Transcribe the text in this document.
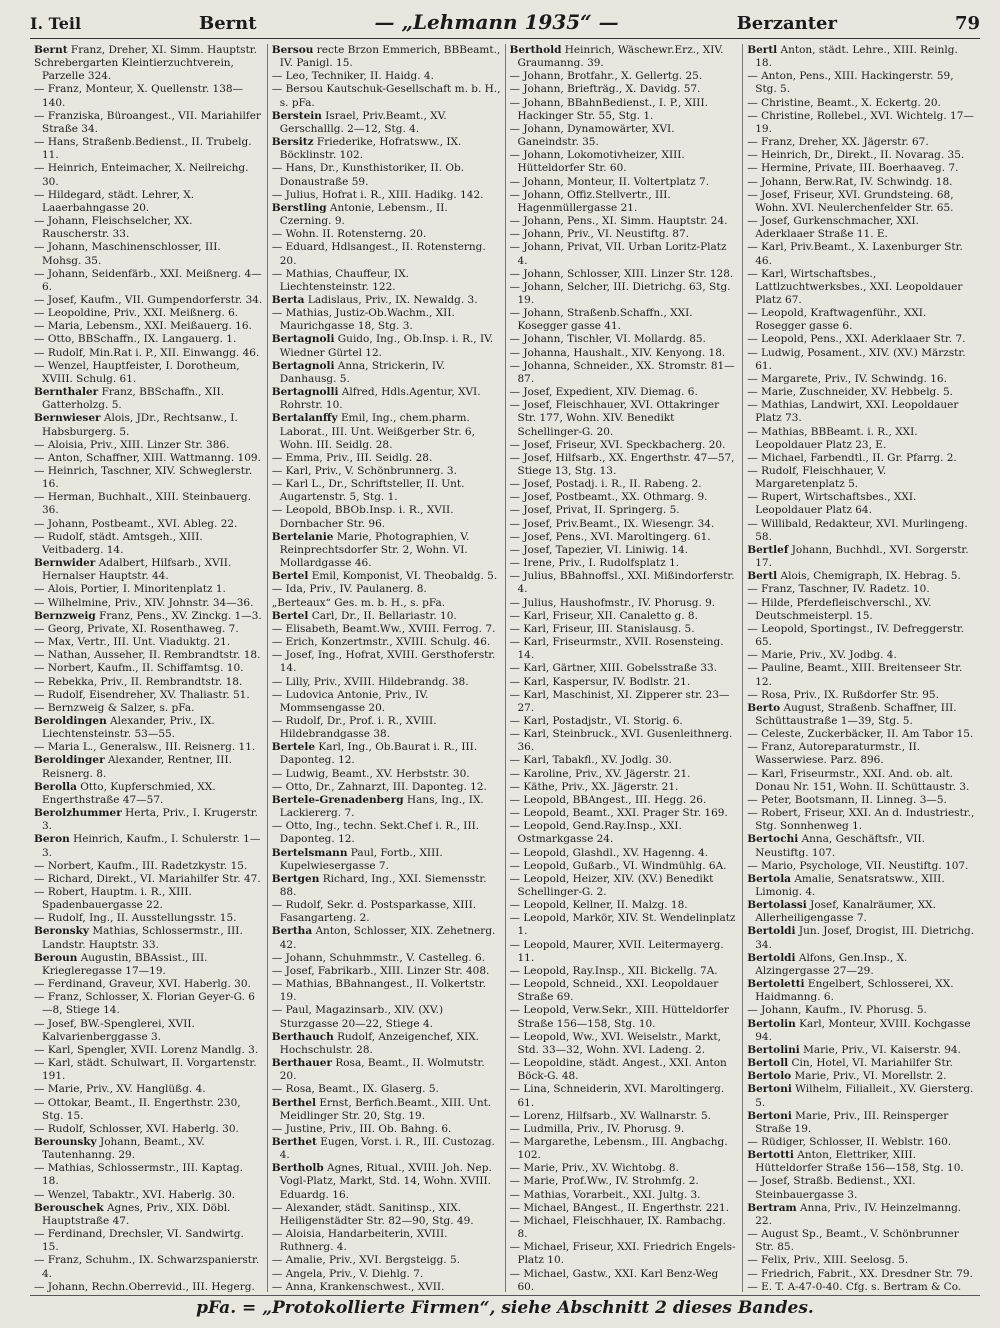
I. Teil	Bernt	— „Lehmann 1935“ —	Berzanter	79
Bernt Franz, Dreher, XI. Simm. Hauptstr.
Schrebergarten Kleintierzuchtverein, Parzelle 324.
— Franz, Monteur, X. Quellenstr. 138—140.
— Franziska, Büroangest., VII. Mariahilfer Straße 34.
— Hans, Straßenb.Bedienst., II. Trubelg. 11.
— Heinrich, Enteimacher, X. Neilreichg. 30.
— Hildegard, städt. Lehrer, X. Laaerbahngasse 20.
— Johann, Fleischselcher, XX. Rauscherstr. 33.
— Johann, Maschinenschlosser, III. Mohsg. 35.
— Johann, Seidenfärb., XXI. Meißnerg. 4—6.
— Josef, Kaufm., VII. Gumpendorferstr. 34.
— Leopoldine, Priv., XXI. Meißnerg. 6.
— Maria, Lebensm., XXI. Meißauerg. 16.
— Otto, BBSchaffn., IX. Langauerg. 1.
— Rudolf, Min.Rat i. P., XII. Einwangg. 46.
— Wenzel, Hauptfeister, I. Dorotheum, XVIII. Schulg. 61.
Bernthaler Franz, BBSchaffn., XII. Gatterholzg. 5.
Bernwieser Alois, JDr., Rechtsanw., I. Habsburgerg. 5.
— Aloisia, Priv., XIII. Linzer Str. 386.
— Anton, Schaffner, XIII. Wattmanng. 109.
— Heinrich, Taschner, XIV. Schweglerstr. 16.
— Herman, Buchhalt., XIII. Steinbauerg. 36.
— Johann, Postbeamt., XVI. Ableg. 22.
— Rudolf, städt. Amtsgeh., XIII. Veitbaderg. 14.
Bernwider Adalbert, Hilfsarb., XVII. Hernalser Hauptstr. 44.
— Alois, Portier, I. Minoritenplatz 1.
— Wilhelmine, Priv., XIV. Johnstr. 34—36.
Bernzweig Franz, Pens., XV. Zinckg. 1—3.
— Georg, Private, XI. Rosenthaweg. 7.
— Max, Vertr., III. Unt. Viaduktg. 21.
— Nathan, Ausseher, II. Rembrandtstr. 18.
— Norbert, Kaufm., II. Schiffamtsg. 10.
— Rebekka, Priv., II. Rembrandtstr. 18.
— Rudolf, Eisendreher, XV. Thaliastr. 51.
— Bernzweig & Salzer, s. pFa.
Beroldingen Alexander, Priv., IX. Liechtensteinstr. 53—55.
— Maria L., Generalsw., III. Reisnerg. 11.
Beroldinger Alexander, Rentner, III. Reisnerg. 8.
Berolla Otto, Kupferschmied, XX. Engerthstraße 47—57.
Berolzhummer Herta, Priv., I. Krugerstr. 3.
Beron Heinrich, Kaufm., I. Schulerstr. 1—3.
— Norbert, Kaufm., III. Radetzkystr. 15.
— Richard, Direkt., VI. Mariahilfer Str. 47.
— Robert, Hauptm. i. R., XIII. Spadenbauergasse 22.
— Rudolf, Ing., II. Ausstellungsstr. 15.
Beronsky Mathias, Schlossermstr., III. Landstr. Hauptstr. 33.
Beroun Augustin, BBAssist., III. Kriegleregasse 17—19.
— Ferdinand, Graveur, XVI. Haberlg. 30.
— Franz, Schlosser, X. Florian Geyer-G. 6—8, Stiege 14.
— Josef, BW.-Spenglerei, XVII. Kalvarienberggasse 3.
— Karl, Spengler, XVII. Lorenz Mandlg. 3.
— Karl, städt. Schulwart, II. Vorgartenstr. 191.
— Marie, Priv., XV. Hanglüßg. 4.
— Ottokar, Beamt., II. Engerthstr. 230, Stg. 15.
— Rudolf, Schlosser, XVI. Haberlg. 30.
Berounsky Johann, Beamt., XV. Tautenhanng. 29.
— Mathias, Schlossermstr., III. Kaptag. 18.
— Wenzel, Tabaktr., XVI. Haberlg. 30.
Berouschek Agnes, Priv., XIX. Döbl. Hauptstraße 47.
— Ferdinand, Drechsler, VI. Sandwirtg. 15.
— Franz, Schuhm., IX. Schwarzspanierstr. 4.
— Johann, Rechn.Oberrevid., III. Hegerg.
Bersou recte Brzon Emmerich, BBBeamt., IV. Panigl. 15.
— Leo, Techniker, II. Haidg. 4.
— Bersou Kautschuk-Gesellschaft m. b. H., s. pFa.
Berstein Israel, Priv.Beamt., XV. Gerschalllg. 2—12, Stg. 4.
Bersitz Friederike, Hofratsww., IX. Böcklinstr. 102.
— Hans, Dr., Kunsthistoriker, II. Ob. Donaustraße 59.
— Julius, Hofrat i. R., XIII. Hadikg. 142.
Berstling Antonie, Lebensm., II. Czerning. 9.
— Wohn. II. Rotensterng. 20.
— Eduard, Hdlsangest., II. Rotensterng. 20.
— Mathias, Chauffeur, IX. Liechtensteinstr. 122.
Berta Ladislaus, Priv., IX. Newaldg. 3.
— Mathias, Justiz-Ob.Wachm., XII. Maurichgasse 18, Stg. 3.
Bertagnoli Guido, Ing., Ob.Insp. i. R., IV. Wiedner Gürtel 12.
Bertagnoli Anna, Strickerin, IV. Danhausg. 5.
Bertagnolli Alfred, Hdls.Agentur, XVI. Rohrstr. 10.
Bertalanffy Emil, Ing., chem.pharm. Laborat., III. Unt. Weißgerber Str. 6, Wohn. III. Seidlg. 28.
— Emma, Priv., III. Seidlg. 28.
— Karl, Priv., V. Schönbrunnerg. 3.
— Karl L., Dr., Schriftsteller, II. Unt. Augartenstr. 5, Stg. 1.
— Leopold, BBOb.Insp. i. R., XVII. Dornbacher Str. 96.
Bertelanie Marie, Photographien, V. Reinprechtsdorfer Str. 2, Wohn. VI. Mollardgasse 46.
Bertel Emil, Komponist, VI. Theobaldg. 5.
— Ida, Priv., IV. Paulanerg. 8.
„Berteaux“ Ges. m. b. H., s. pFa.
Bertel Carl, Dr., II. Bellariastr. 10.
— Elisabeth, Beamt.Ww., XVIII. Ferrog. 7.
— Erich, Konzertmstr., XVIII. Schulg. 46.
— Josef, Ing., Hofrat, XVIII. Gersthoferstr. 14.
— Lilly, Priv., XVIII. Hildebrandg. 38.
— Ludovica Antonie, Priv., IV. Mommsengasse 20.
— Rudolf, Dr., Prof. i. R., XVIII. Hildebrandgasse 38.
Bertele Karl, Ing., Ob.Baurat i. R., III. Daponteg. 12.
— Ludwig, Beamt., XV. Herbststr. 30.
— Otto, Dr., Zahnarzt, III. Daponteg. 12.
Bertele-Grenadenberg Hans, Ing., IX. Lackiererg. 7.
— Otto, Ing., techn. Sekt.Chef i. R., III. Daponteg. 12.
Bertelsmann Paul, Fortb., XIII. Kupelwiesergasse 7.
Bertgen Richard, Ing., XXI. Siemensstr. 88.
— Rudolf, Sekr. d. Postsparkasse, XIII. Fasangarteng. 2.
Bertha Anton, Schlosser, XIX. Zehetnerg. 42.
— Johann, Schuhmmstr., V. Castelleg. 6.
— Josef, Fabrikarb., XIII. Linzer Str. 408.
— Mathias, BBahnangest., II. Volkertstr. 19.
— Paul, Magazinsarb., XIV. (XV.) Sturzgasse 20—22, Stiege 4.
Berthauch Rudolf, Anzeigenchef, XIX. Hochschulstr. 28.
Berthauer Rosa, Beamt., II. Wolmutstr. 20.
— Rosa, Beamt., IX. Glaserg. 5.
Berthel Ernst, Berfich.Beamt., XIII. Unt. Meidlinger Str. 20, Stg. 19.
— Justine, Priv., III. Ob. Bahng. 6.
Berthet Eugen, Vorst. i. R., III. Custozag. 4.
Bertholb Agnes, Ritual., XVIII. Joh. Nep. Vogl-Platz, Markt, Std. 14, Wohn. XVIII. Eduardg. 16.
— Alexander, städt. Sanitinsp., XIX. Heiligenstädter Str. 82—90, Stg. 49.
— Aloisia, Handarbeiterin, XVIII. Ruthnerg. 4.
— Amalie, Priv., XVI. Bergsteigg. 5.
— Angela, Priv., V. Diehlg. 7.
— Anna, Krankenschwest., XVII.
Berthold Heinrich, Wäschewr.Erz., XIV. Graumanng. 39.
— Johann, Brotfahr., X. Gellertg. 25.
— Johann, Briefträg., X. Davidg. 57.
— Johann, BBahnBedienst., I. P., XIII. Hackinger Str. 55, Stg. 1.
— Johann, Dynamowärter, XVI. Ganeindstr. 35.
— Johann, Lokomotivheizer, XIII. Hütteldorfer Str. 60.
— Johann, Monteur, II. Voltertplatz 7.
— Johann, Offiz.Stellvertr., III. Hagenmüllergasse 21.
— Johann, Pens., XI. Simm. Hauptstr. 24.
— Johann, Priv., VI. Neustiftg. 87.
— Johann, Privat, VII. Urban Loritz-Platz 4.
— Johann, Schlosser, XIII. Linzer Str. 128.
— Johann, Selcher, III. Dietrichg. 63, Stg. 19.
— Johann, Straßenb.Schaffn., XXI. Kosegger gasse 41.
— Johann, Tischler, VI. Mollardg. 85.
— Johanna, Haushalt., XIV. Kenyong. 18.
— Johanna, Schneider., XX. Stromstr. 81—87.
— Josef, Expedient, XIV. Diemag. 6.
— Josef, Fleischhauer, XVI. Ottakringer Str. 177, Wohn. XIV. Benedikt Schellinger-G. 20.
— Josef, Friseur, XVI. Speckbacherg. 20.
— Josef, Hilfsarb., XX. Engerthstr. 47—57, Stiege 13, Stg. 13.
— Josef, Postadj. i. R., II. Rabeng. 2.
— Josef, Postbeamt., XX. Othmarg. 9.
— Josef, Privat, II. Springerg. 5.
— Josef, Priv.Beamt., IX. Wiesengr. 34.
— Josef, Pens., XVI. Maroltingerg. 61.
— Josef, Tapezier, VI. Liniwig. 14.
— Irene, Priv., I. Rudolfsplatz 1.
— Julius, BBahnoffsl., XXI. Mißindorferstr. 4.
— Julius, Haushofmstr., IV. Phorusg. 9.
— Karl, Friseur, XII. Canaletto g. 8.
— Karl, Friseur, III. Stanislausg. 5.
— Karl, Friseurmstr., XVII. Rosensteing. 14.
— Karl, Gärtner, XIII. Gobelsstraße 33.
— Karl, Kaspersur, IV. Bodlstr. 21.
— Karl, Maschinist, XI. Zipperer str. 23—27.
— Karl, Postadjstr., VI. Storig. 6.
— Karl, Steinbruck., XVI. Gusenleithnerg. 36.
— Karl, Tabakfl., XV. Jodlg. 30.
— Karoline, Priv., XV. Jägerstr. 21.
— Käthe, Priv., XX. Jägerstr. 21.
— Leopold, BBAngest., III. Hegg. 26.
— Leopold, Beamt., XXI. Prager Str. 169.
— Leopold, Gend.Ray.Insp., XXI. Ostmarkgasse 24.
— Leopold, Glashdl., XV. Hagenng. 4.
— Leopold, Gußarb., VI. Windmühlg. 6A.
— Leopold, Heizer, XIV. (XV.) Benedikt Schellinger-G. 2.
— Leopold, Kellner, II. Malzg. 18.
— Leopold, Markör, XIV. St. Wendelinplatz 1.
— Leopold, Maurer, XVII. Leitermayerg. 11.
— Leopold, Ray.Insp., XII. Bickellg. 7A.
— Leopold, Schneid., XXI. Leopoldauer Straße 69.
— Leopold, Verw.Sekr., XIII. Hütteldorfer Straße 156—158, Stg. 10.
— Leopold, Ww., XVI. Weiselstr., Markt, Std. 33—32, Wohn. XVI. Ladeng. 2.
— Leopoldine, städt. Angest., XXI. Anton Böck-G. 48.
— Lina, Schneiderin, XVI. Maroltingerg. 61.
— Lorenz, Hilfsarb., XV. Wallnarstr. 5.
— Ludmilla, Priv., IV. Phorusg. 9.
— Margarethe, Lebensm., III. Angbachg. 102.
— Marie, Priv., XV. Wichtobg. 8.
— Marie, Prof.Ww., IV. Strohmfg. 2.
— Mathias, Vorarbeit., XXI. Jultg. 3.
— Michael, BAngest., II. Engerthstr. 221.
— Michael, Fleischhauer, IX. Rambachg. 8.
— Michael, Friseur, XXI. Friedrich Engels-Platz 10.
— Michael, Gastw., XXI. Karl Benz-Weg 60.
Bertl Anton, städt. Lehre., XIII. Reinlg. 18.
— Anton, Pens., XIII. Hackingerstr. 59, Stg. 5.
— Christine, Beamt., X. Eckertg. 20.
— Christine, Rollebel., XVI. Wichtelg. 17—19.
— Franz, Dreher, XX. Jägerstr. 67.
— Heinrich, Dr., Direkt., II. Novarag. 35.
— Hermine, Private, III. Boerhaaveg. 7.
— Johann, Berw.Rat, IV. Schwindg. 18.
— Josef, Friseur, XVI. Grundsteing. 68, Wohn. XVI. Neulerchenfelder Str. 65.
— Josef, Gurkenschmacher, XXI. Aderklaaer Straße 11. E.
— Karl, Priv.Beamt., X. Laxenburger Str. 46.
— Karl, Wirtschaftsbes., Lattlzuchtwerksbes., XXI. Leopoldauer Platz 67.
— Leopold, Kraftwagenführ., XXI. Rosegger gasse 6.
— Leopold, Pens., XXI. Aderklaaer Str. 7.
— Ludwig, Posament., XIV. (XV.) Märzstr. 61.
— Margarete, Priv., IV. Schwindg. 16.
— Marie, Zuschneider, XV. Hebbelg. 5.
— Mathias, Landwirt, XXI. Leopoldauer Platz 73.
— Mathias, BBBeamt. i. R., XXI. Leopoldauer Platz 23, E.
— Michael, Farbendtl., II. Gr. Pfarrg. 2.
— Rudolf, Fleischhauer, V. Margaretenplatz 5.
— Rupert, Wirtschaftsbes., XXI. Leopoldauer Platz 64.
— Willibald, Redakteur, XVI. Murlingeng. 58.
Bertlef Johann, Buchhdl., XVI. Sorgerstr. 17.
Bertl Alois, Chemigraph, IX. Hebrag. 5.
— Franz, Taschner, IV. Radetz. 10.
— Hilde, Pferdefleischverschl., XV. Deutschmeisterpl. 15.
— Leopold, Sportingst., IV. Defreggerstr. 65.
— Marie, Priv., XV. Jodbg. 4.
— Pauline, Beamt., XIII. Breitenseer Str. 12.
— Rosa, Priv., IX. Rußdorfer Str. 95.
Berto August, Straßenb. Schaffner, III. Schüttaustraße 1—39, Stg. 5.
— Celeste, Zuckerbäcker, II. Am Tabor 15.
— Franz, Autoreparaturmstr., II. Wasserwiese. Parz. 896.
— Karl, Friseurmstr., XXI. And. ob. alt. Donau Nr. 151, Wohn. II. Schüttaustr. 3.
— Peter, Bootsmann, II. Linneg. 3—5.
— Robert, Friseur, XXI. An d. Industriestr., Stg. Sonnhenweg 1.
Bertochi Anna, Geschäftsfr., VII. Neustiftg. 107.
— Mario, Psychologe, VII. Neustiftg. 107.
Bertola Amalie, Senatsratsww., XIII. Limonig. 4.
Bertolassi Josef, Kanalräumer, XX. Allerheiligengasse 7.
Bertoldi Jun. Josef, Drogist, III. Dietrichg. 34.
Bertoldi Alfons, Gen.Insp., X. Alzingergasse 27—29.
Bertoletti Engelbert, Schlosserei, XX. Haidmanng. 6.
— Johann, Kaufm., IV. Phorusg. 5.
Bertolin Karl, Monteur, XVIII. Kochgasse 94.
Bertolini Marie, Priv., VI. Kaiserstr. 94.
Bertoll Cin, Hotel, VI. Mariahilfer Str.
Bertolo Marie, Priv., VI. Morellstr. 2.
Bertoni Wilhelm, Filialleit., XV. Giersterg. 5.
Bertoni Marie, Priv., III. Reinsperger Straße 19.
— Rüdiger, Schlosser, II. Weblstr. 160.
Bertotti Anton, Elettriker, XIII. Hütteldorfer Straße 156—158, Stg. 10.
— Josef, Straßb. Bedienst., XXI. Steinbauergasse 3.
Bertram Anna, Priv., IV. Heinzelmanng. 22.
— August Sp., Beamt., V. Schönbrunner Str. 85.
— Felix, Priv., XIII. Seelosg. 5.
— Friedrich, Fabrit., XX. Dresdner Str. 79.
— E. T. A-47-0-40. Cfg. s. Bertram & Co.
pFa. = „Protokollierte Firmen“, siehe Abschnitt 2 dieses Bandes.
